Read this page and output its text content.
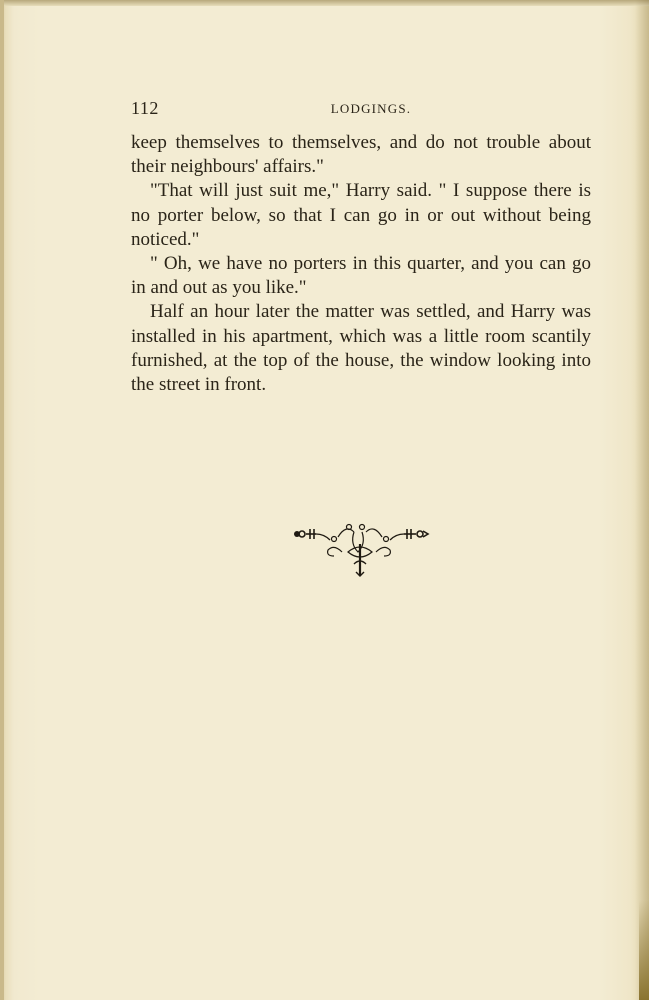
112	LODGINGS.

keep themselves to themselves, and do not trouble about their neighbours' affairs."

"That will just suit me," Harry said. " I suppose there is no porter below, so that I can go in or out without being noticed."

" Oh, we have no porters in this quarter, and you can go in and out as you like."

Half an hour later the matter was settled, and Harry was installed in his apartment, which was a little room scantily furnished, at the top of the house, the window looking into the street in front.
